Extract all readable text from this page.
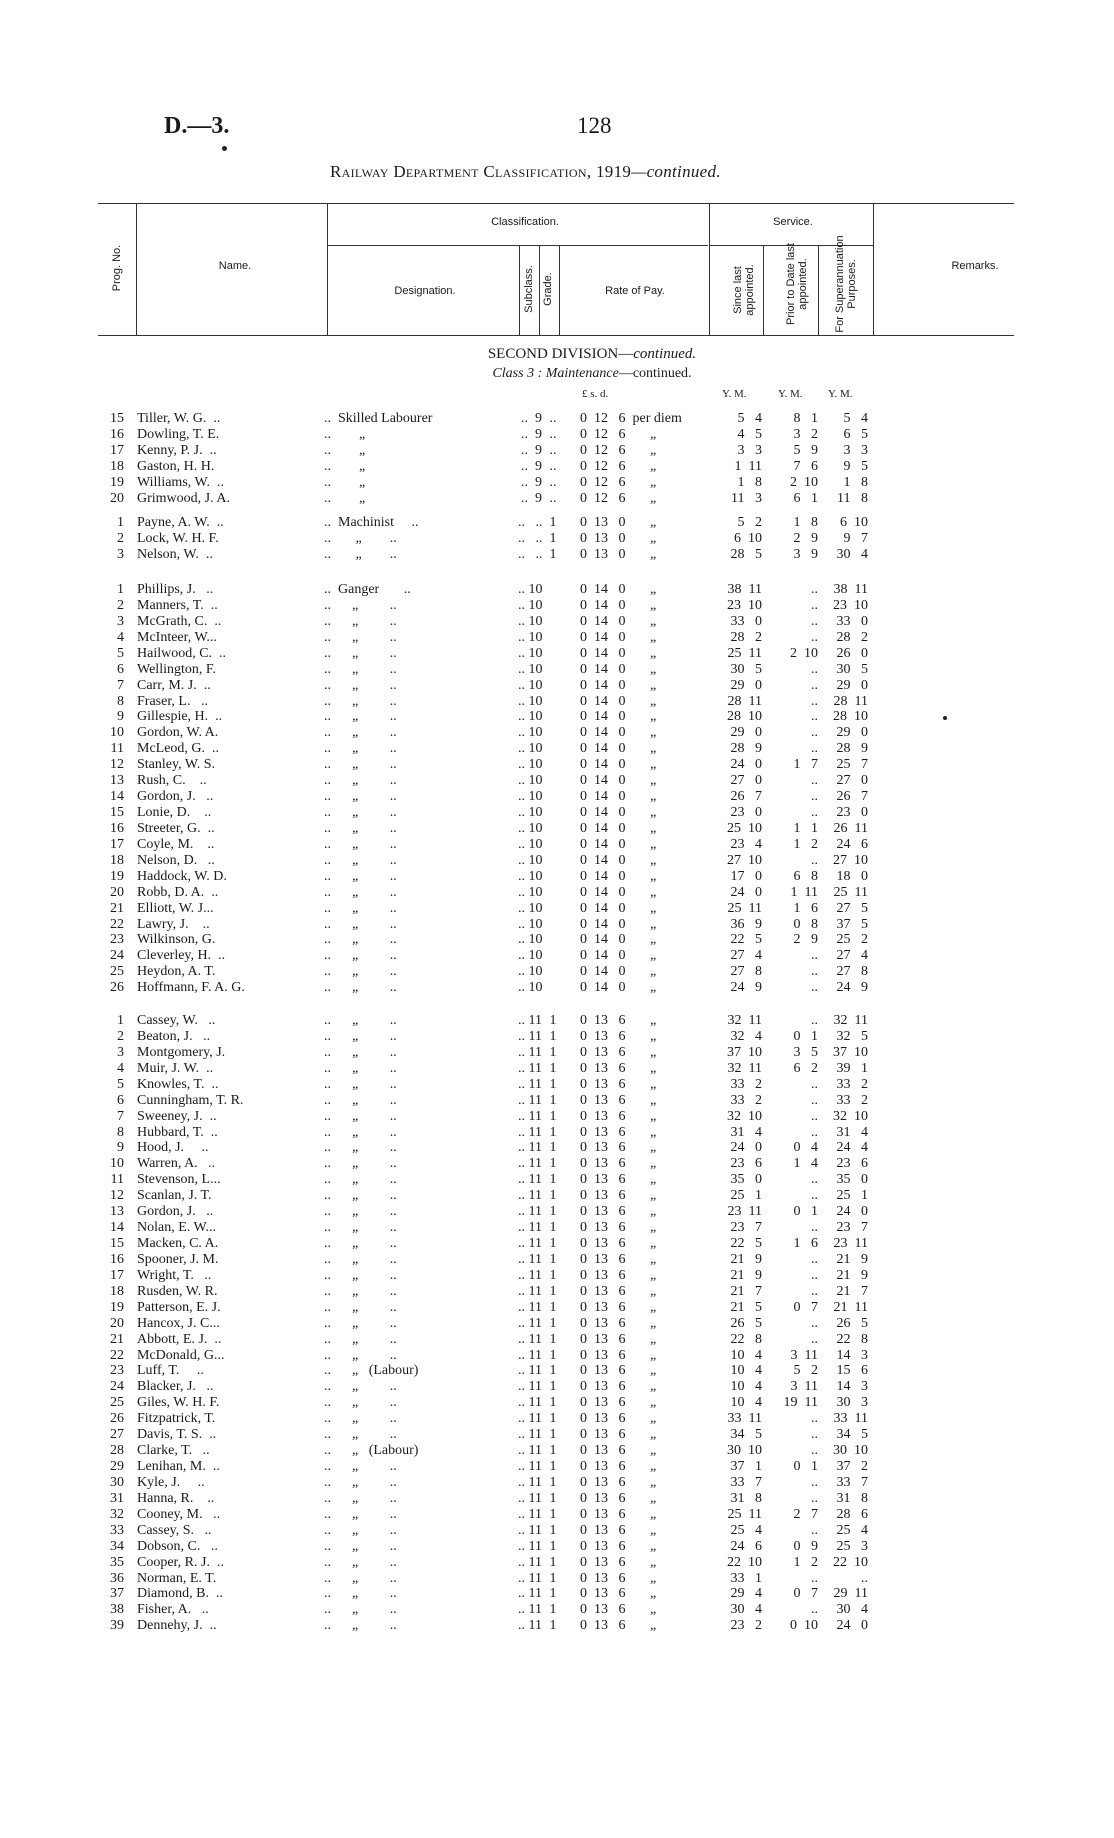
D.—3.	128
Railway Department Classification, 1919—continued.
Prog. No.	Name.
Classification.
Designation.	Subclass. Grade.	Rate of Pay.
Service.
Since last appointed.	Prior to Date last appointed. For Superannuation Purposes.	Remarks.
SECOND DIVISION—continued.
Class 3 : Maintenance—continued.
£ s. d.	Y. M.	Y. M. Y. M.
15 Tiller, W. G.  ..	..  Skilled Labourer	..  9 .. 0  12   6  per diem	5   4	8   1	5   4
16 Dowling, T. E.	..        „	..  9 .. 0  12   6       „	4   5	3   2	6   5
17 Kenny, P. J.  ..	..        „	..  9 .. 0  12   6       „	3   3	5   9	3   3
18 Gaston, H. H.	..        „	..  9 .. 0  12   6       „	1  11	7   6	9   5
19 Williams, W.  ..	..        „	..  9 .. 0  12   6       „	1   8	2  10	1   8
20 Grimwood, J. A.	..        „	..  9 .. 0  12   6       „	11   3	6   1	11   8
1 Payne, A. W.  ..	..  Machinist     ..	..   .. 1 0  13   0       „	5   2	1   8	6  10
2 Lock, W. H. F.	..       „        ..	..   .. 1 0  13   0       „	6  10	2   9	9   7
3 Nelson, W.  ..	..       „        ..	..   .. 1 0  13   0       „	28   5	3   9	30   4
1 Phillips, J.   ..	..  Ganger       ..	.. 10	0  14   0       „	38  11	..	38  11
2 Manners, T.  ..	..      „         ..	.. 10	0  14   0       „	23  10	..	23  10
3 McGrath, C.  ..	..      „         ..	.. 10	0  14   0       „	33   0	..	33   0
4 McInteer, W...	..      „         ..	.. 10	0  14   0       „	28   2	..	28   2
5 Hailwood, C.  ..	..      „         ..	.. 10	0  14   0       „	25  11	2  10	26   0
6 Wellington, F.	..      „         ..	.. 10	0  14   0       „	30   5	..	30   5
7 Carr, M. J.  ..	..      „         ..	.. 10	0  14   0       „	29   0	..	29   0
8 Fraser, L.   ..	..      „         ..	.. 10	0  14   0       „	28  11	..	28  11
9 Gillespie, H.  ..	..      „         ..	.. 10	0  14   0       „	28  10	..	28  10
10 Gordon, W. A.	..      „         ..	.. 10	0  14   0       „	29   0	..	29   0
11 McLeod, G.  ..	..      „         ..	.. 10	0  14   0       „	28   9	..	28   9
12 Stanley, W. S.	..      „         ..	.. 10	0  14   0       „	24   0	1   7	25   7
13 Rush, C.    ..	..      „         ..	.. 10	0  14   0       „	27   0	..	27   0
14 Gordon, J.   ..	..      „         ..	.. 10	0  14   0       „	26   7	..	26   7
15 Lonie, D.    ..	..      „         ..	.. 10	0  14   0       „	23   0	..	23   0
16 Streeter, G.  ..	..      „         ..	.. 10	0  14   0       „	25  10	1   1	26  11
17 Coyle, M.    ..	..      „         ..	.. 10	0  14   0       „	23   4	1   2	24   6
18 Nelson, D.   ..	..      „         ..	.. 10	0  14   0       „	27  10	..	27  10
19 Haddock, W. D.	..      „         ..	.. 10	0  14   0       „	17   0	6   8	18   0
20 Robb, D. A.  ..	..      „         ..	.. 10	0  14   0       „	24   0	1  11	25  11
21 Elliott, W. J...	..      „         ..	.. 10	0  14   0       „	25  11	1   6	27   5
22 Lawry, J.    ..	..      „         ..	.. 10	0  14   0       „	36   9	0   8	37   5
23 Wilkinson, G.	..      „         ..	.. 10	0  14   0       „	22   5	2   9	25   2
24 Cleverley, H.  ..	..      „         ..	.. 10	0  14   0       „	27   4	..	27   4
25 Heydon, A. T.	..      „         ..	.. 10	0  14   0       „	27   8	..	27   8
26 Hoffmann, F. A. G.	..      „         ..	.. 10	0  14   0       „	24   9	..	24   9
1 Cassey, W.   ..	..      „         ..	.. 11 1 0  13   6       „	32  11	..	32  11
2 Beaton, J.   ..	..      „         ..	.. 11 1 0  13   6       „	32   4	0   1	32   5
3 Montgomery, J.	..      „         ..	.. 11 1 0  13   6       „	37  10	3   5	37  10
4 Muir, J. W.  ..	..      „         ..	.. 11 1 0  13   6       „	32  11	6   2	39   1
5 Knowles, T.  ..	..      „         ..	.. 11 1 0  13   6       „	33   2	..	33   2
6 Cunningham, T. R.	..      „         ..	.. 11 1 0  13   6       „	33   2	..	33   2
7 Sweeney, J.  ..	..      „         ..	.. 11 1 0  13   6       „	32  10	..	32  10
8 Hubbard, T.  ..	..      „         ..	.. 11 1 0  13   6       „	31   4	..	31   4
9 Hood, J.     ..	..      „         ..	.. 11 1 0  13   6       „	24   0	0   4	24   4
10 Warren, A.   ..	..      „         ..	.. 11 1 0  13   6       „	23   6	1   4	23   6
11 Stevenson, L...	..      „         ..	.. 11 1 0  13   6       „	35   0	..	35   0
12 Scanlan, J. T.	..      „         ..	.. 11 1 0  13   6       „	25   1	..	25   1
13 Gordon, J.   ..	..      „         ..	.. 11 1 0  13   6       „	23  11	0   1	24   0
14 Nolan, E. W...	..      „         ..	.. 11 1 0  13   6       „	23   7	..	23   7
15 Macken, C. A.	..      „         ..	.. 11 1 0  13   6       „	22   5	1   6	23  11
16 Spooner, J. M.	..      „         ..	.. 11 1 0  13   6       „	21   9	..	21   9
17 Wright, T.   ..	..      „         ..	.. 11 1 0  13   6       „	21   9	..	21   9
18 Rusden, W. R.	..      „         ..	.. 11 1 0  13   6       „	21   7	..	21   7
19 Patterson, E. J.	..      „         ..	.. 11 1 0  13   6       „	21   5	0   7	21  11
20 Hancox, J. C...	..      „         ..	.. 11 1 0  13   6       „	26   5	..	26   5
21 Abbott, E. J.  ..	..      „         ..	.. 11 1 0  13   6       „	22   8	..	22   8
22 McDonald, G...	..      „         ..	.. 11 1 0  13   6       „	10   4	3  11	14   3
23 Luff, T.     ..	..      „   (Labour)	.. 11 1 0  13   6       „	10   4	5   2	15   6
24 Blacker, J.   ..	..      „         ..	.. 11 1 0  13   6       „	10   4	3  11	14   3
25 Giles, W. H. F.	..      „         ..	.. 11 1 0  13   6       „	10   4	19  11	30   3
26 Fitzpatrick, T.	..      „         ..	.. 11 1 0  13   6       „	33  11	..	33  11
27 Davis, T. S.  ..	..      „         ..	.. 11 1 0  13   6       „	34   5	..	34   5
28 Clarke, T.   ..	..      „   (Labour)	.. 11 1 0  13   6       „	30  10	..	30  10
29 Lenihan, M.  ..	..      „         ..	.. 11 1 0  13   6       „	37   1	0   1	37   2
30 Kyle, J.     ..	..      „         ..	.. 11 1 0  13   6       „	33   7	..	33   7
31 Hanna, R.    ..	..      „         ..	.. 11 1 0  13   6       „	31   8	..	31   8
32 Cooney, M.   ..	..      „         ..	.. 11 1 0  13   6       „	25  11	2   7	28   6
33 Cassey, S.   ..	..      „         ..	.. 11 1 0  13   6       „	25   4	..	25   4
34 Dobson, C.   ..	..      „         ..	.. 11 1 0  13   6       „	24   6	0   9	25   3
35 Cooper, R. J.  ..	..      „         ..	.. 11 1 0  13   6       „	22  10	1   2	22  10
36 Norman, E. T.	..      „         ..	.. 11 1 0  13   6       „	33   1	..	..
37 Diamond, B.  ..	..      „         ..	.. 11 1 0  13   6       „	29   4	0   7	29  11
38 Fisher, A.   ..	..      „         ..	.. 11 1 0  13   6       „	30   4	..	30   4
39 Dennehy, J.  ..	..      „         ..	.. 11 1 0  13   6       „	23   2	0  10	24   0
